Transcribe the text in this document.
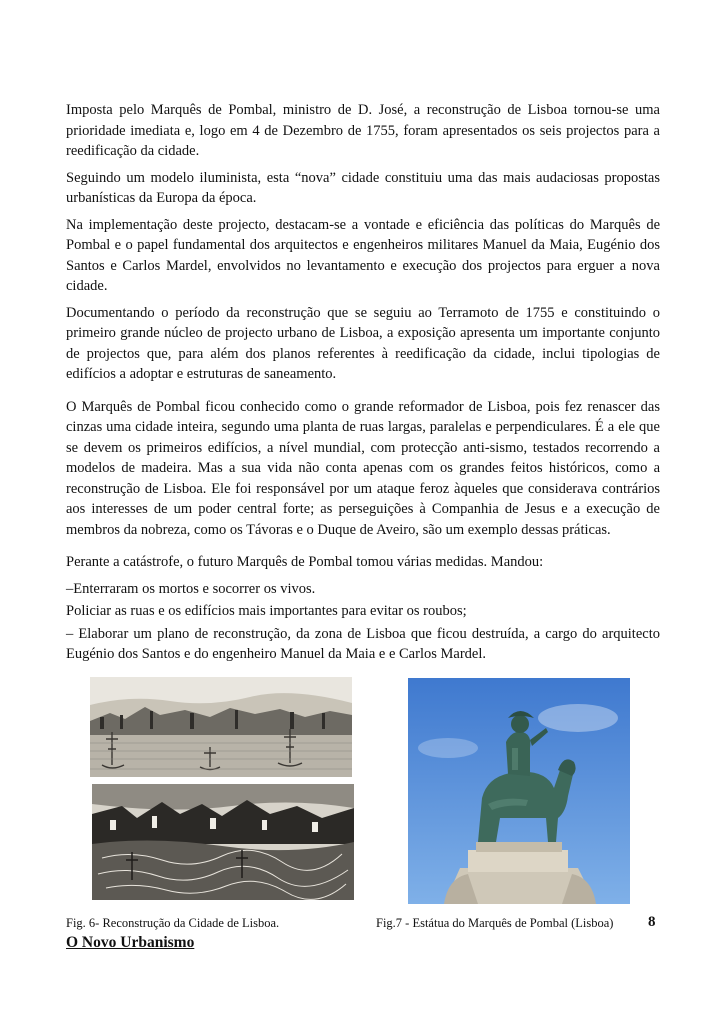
Imposta pelo Marquês de Pombal, ministro de D. José, a reconstrução de Lisboa tornou-se uma prioridade imediata e, logo em 4 de Dezembro de 1755, foram apresentados os seis projectos para a reedificação da cidade.

Seguindo um modelo iluminista, esta “nova” cidade constituiu uma das mais audaciosas propostas urbanísticas da Europa da época.

Na implementação deste projecto, destacam-se a vontade e eficiência das políticas do Marquês de Pombal e o papel fundamental dos arquitectos e engenheiros militares Manuel da Maia, Eugénio dos Santos e Carlos Mardel, envolvidos no levantamento e execução dos projectos para erguer a nova cidade.

Documentando o período da reconstrução que se seguiu ao Terramoto de 1755 e constituindo o primeiro grande núcleo de projecto urbano de Lisboa, a exposição apresenta um importante conjunto de projectos que, para além dos planos referentes à reedificação da cidade, inclui tipologias de edifícios a adoptar e estruturas de saneamento.

O Marquês de Pombal ficou conhecido como o grande reformador de Lisboa, pois fez renascer das cinzas uma cidade inteira, segundo uma planta de ruas largas, paralelas e perpendiculares. É a ele que se devem os primeiros edifícios, a nível mundial, com protecção anti-sismo, testados recorrendo a modelos de madeira. Mas a sua vida não conta apenas com os grandes feitos históricos, como a reconstrução de Lisboa. Ele foi responsável por um ataque feroz àqueles que considerava contrários aos interesses de um poder central forte; as perseguições à Companhia de Jesus e a execução de membros da nobreza, como os Távoras e o Duque de Aveiro, são um exemplo dessas práticas.

Perante a catástrofe, o futuro Marquês de Pombal tomou várias medidas. Mandou:

–Enterraram os mortos e socorrer os vivos.

Policiar as ruas e os edifícios mais importantes para evitar os roubos;

– Elaborar um plano de reconstrução, da zona de Lisboa que ficou destruída, a cargo do arquitecto Eugénio dos Santos e do engenheiro Manuel da Maia e e Carlos Mardel.

Fig. 6- Reconstrução da Cidade de Lisboa.	Fig.7 - Estátua do Marquês de Pombal (Lisboa) 8
O Novo Urbanismo
